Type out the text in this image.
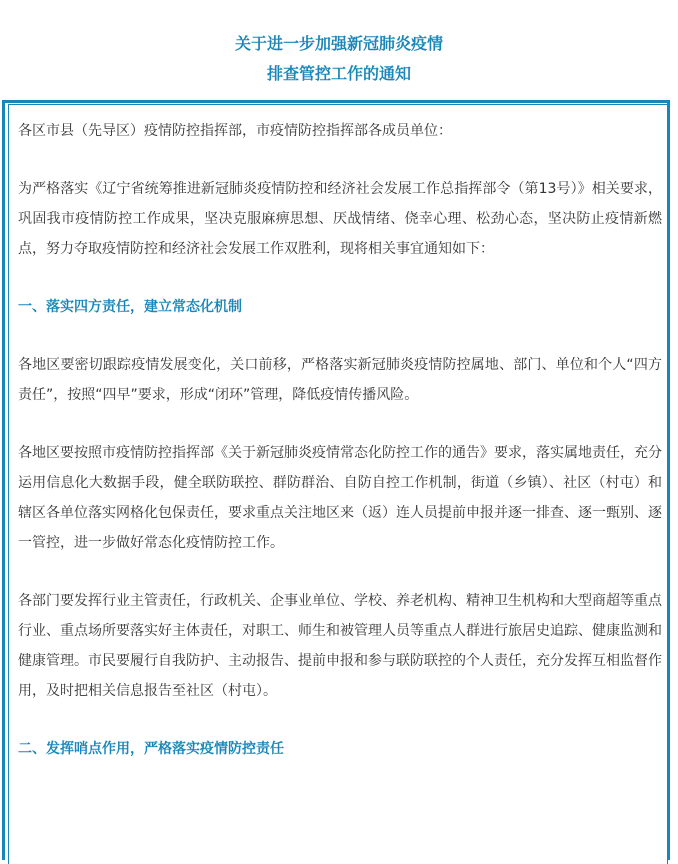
关于进一步加强新冠肺炎疫情
排查管控工作的通知

各区市县（先导区）疫情防控指挥部，市疫情防控指挥部各成员单位：

为严格落实《辽宁省统筹推进新冠肺炎疫情防控和经济社会发展工作总指挥部令（第13号）》相关要求，巩固我市疫情防控工作成果，坚决克服麻痹思想、厌战情绪、侥幸心理、松劲心态，坚决防止疫情新燃点，努力夺取疫情防控和经济社会发展工作双胜利，现将相关事宜通知如下：

一、落实四方责任，建立常态化机制

各地区要密切跟踪疫情发展变化，关口前移，严格落实新冠肺炎疫情防控属地、部门、单位和个人“四方责任”，按照“四早”要求，形成“闭环”管理，降低疫情传播风险。

各地区要按照市疫情防控指挥部《关于新冠肺炎疫情常态化防控工作的通告》要求，落实属地责任，充分运用信息化大数据手段，健全联防联控、群防群治、自防自控工作机制，街道（乡镇）、社区（村屯）和辖区各单位落实网格化包保责任，要求重点关注地区来（返）连人员提前申报并逐一排查、逐一甄别、逐一管控，进一步做好常态化疫情防控工作。

各部门要发挥行业主管责任，行政机关、企事业单位、学校、养老机构、精神卫生机构和大型商超等重点行业、重点场所要落实好主体责任，对职工、师生和被管理人员等重点人群进行旅居史追踪、健康监测和健康管理。市民要履行自我防护、主动报告、提前申报和参与联防联控的个人责任，充分发挥互相监督作用，及时把相关信息报告至社区（村屯）。

二、发挥哨点作用，严格落实疫情防控责任
